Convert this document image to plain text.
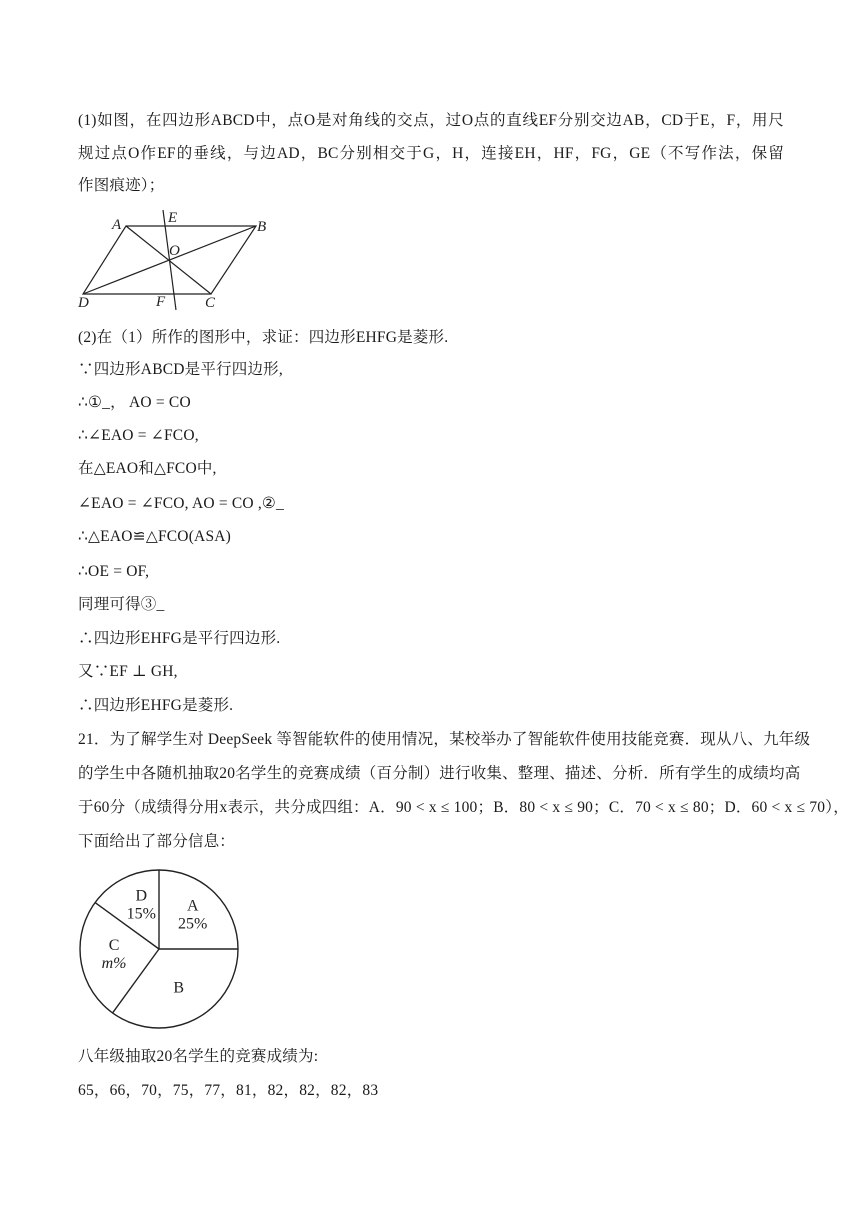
(1)如图，在四边形ABCD中，点O是对角线的交点，过O点的直线EF分别交边AB，CD于E，F，用尺
规过点O作EF的垂线，与边AD，BC分别相交于G，H，连接EH，HF，FG，GE（不写作法，保留
作图痕迹）；
A	E
B
O
D	F	C
(2)在（1）所作的图形中，求证：四边形EHFG是菱形.
∵四边形ABCD是平行四边形,
∴①_， AO = CO
∴∠EAO = ∠FCO,
在△EAO和△FCO中,
∠EAO = ∠FCO, AO = CO ,②_
∴△EAO≌△FCO(ASA)
∴OE = OF,
同理可得③_
∴四边形EHFG是平行四边形.
又∵EF ⊥ GH,
∴四边形EHFG是菱形.
21．为了解学生对 DeepSeek 等智能软件的使用情况，某校举办了智能软件使用技能竞赛．现从八、九年级
的学生中各随机抽取20名学生的竞赛成绩（百分制）进行收集、整理、描述、分析．所有学生的成绩均高
于60分（成绩得分用x表示，共分成四组：A．90 < x ≤ 100；B．80 < x ≤ 90；C．70 < x ≤ 80；D．60 < x ≤ 70），
下面给出了部分信息：
A
25%
B
C
m%
D
15%
八年级抽取20名学生的竞赛成绩为:
65，66，70，75，77，81，82，82，82，83
